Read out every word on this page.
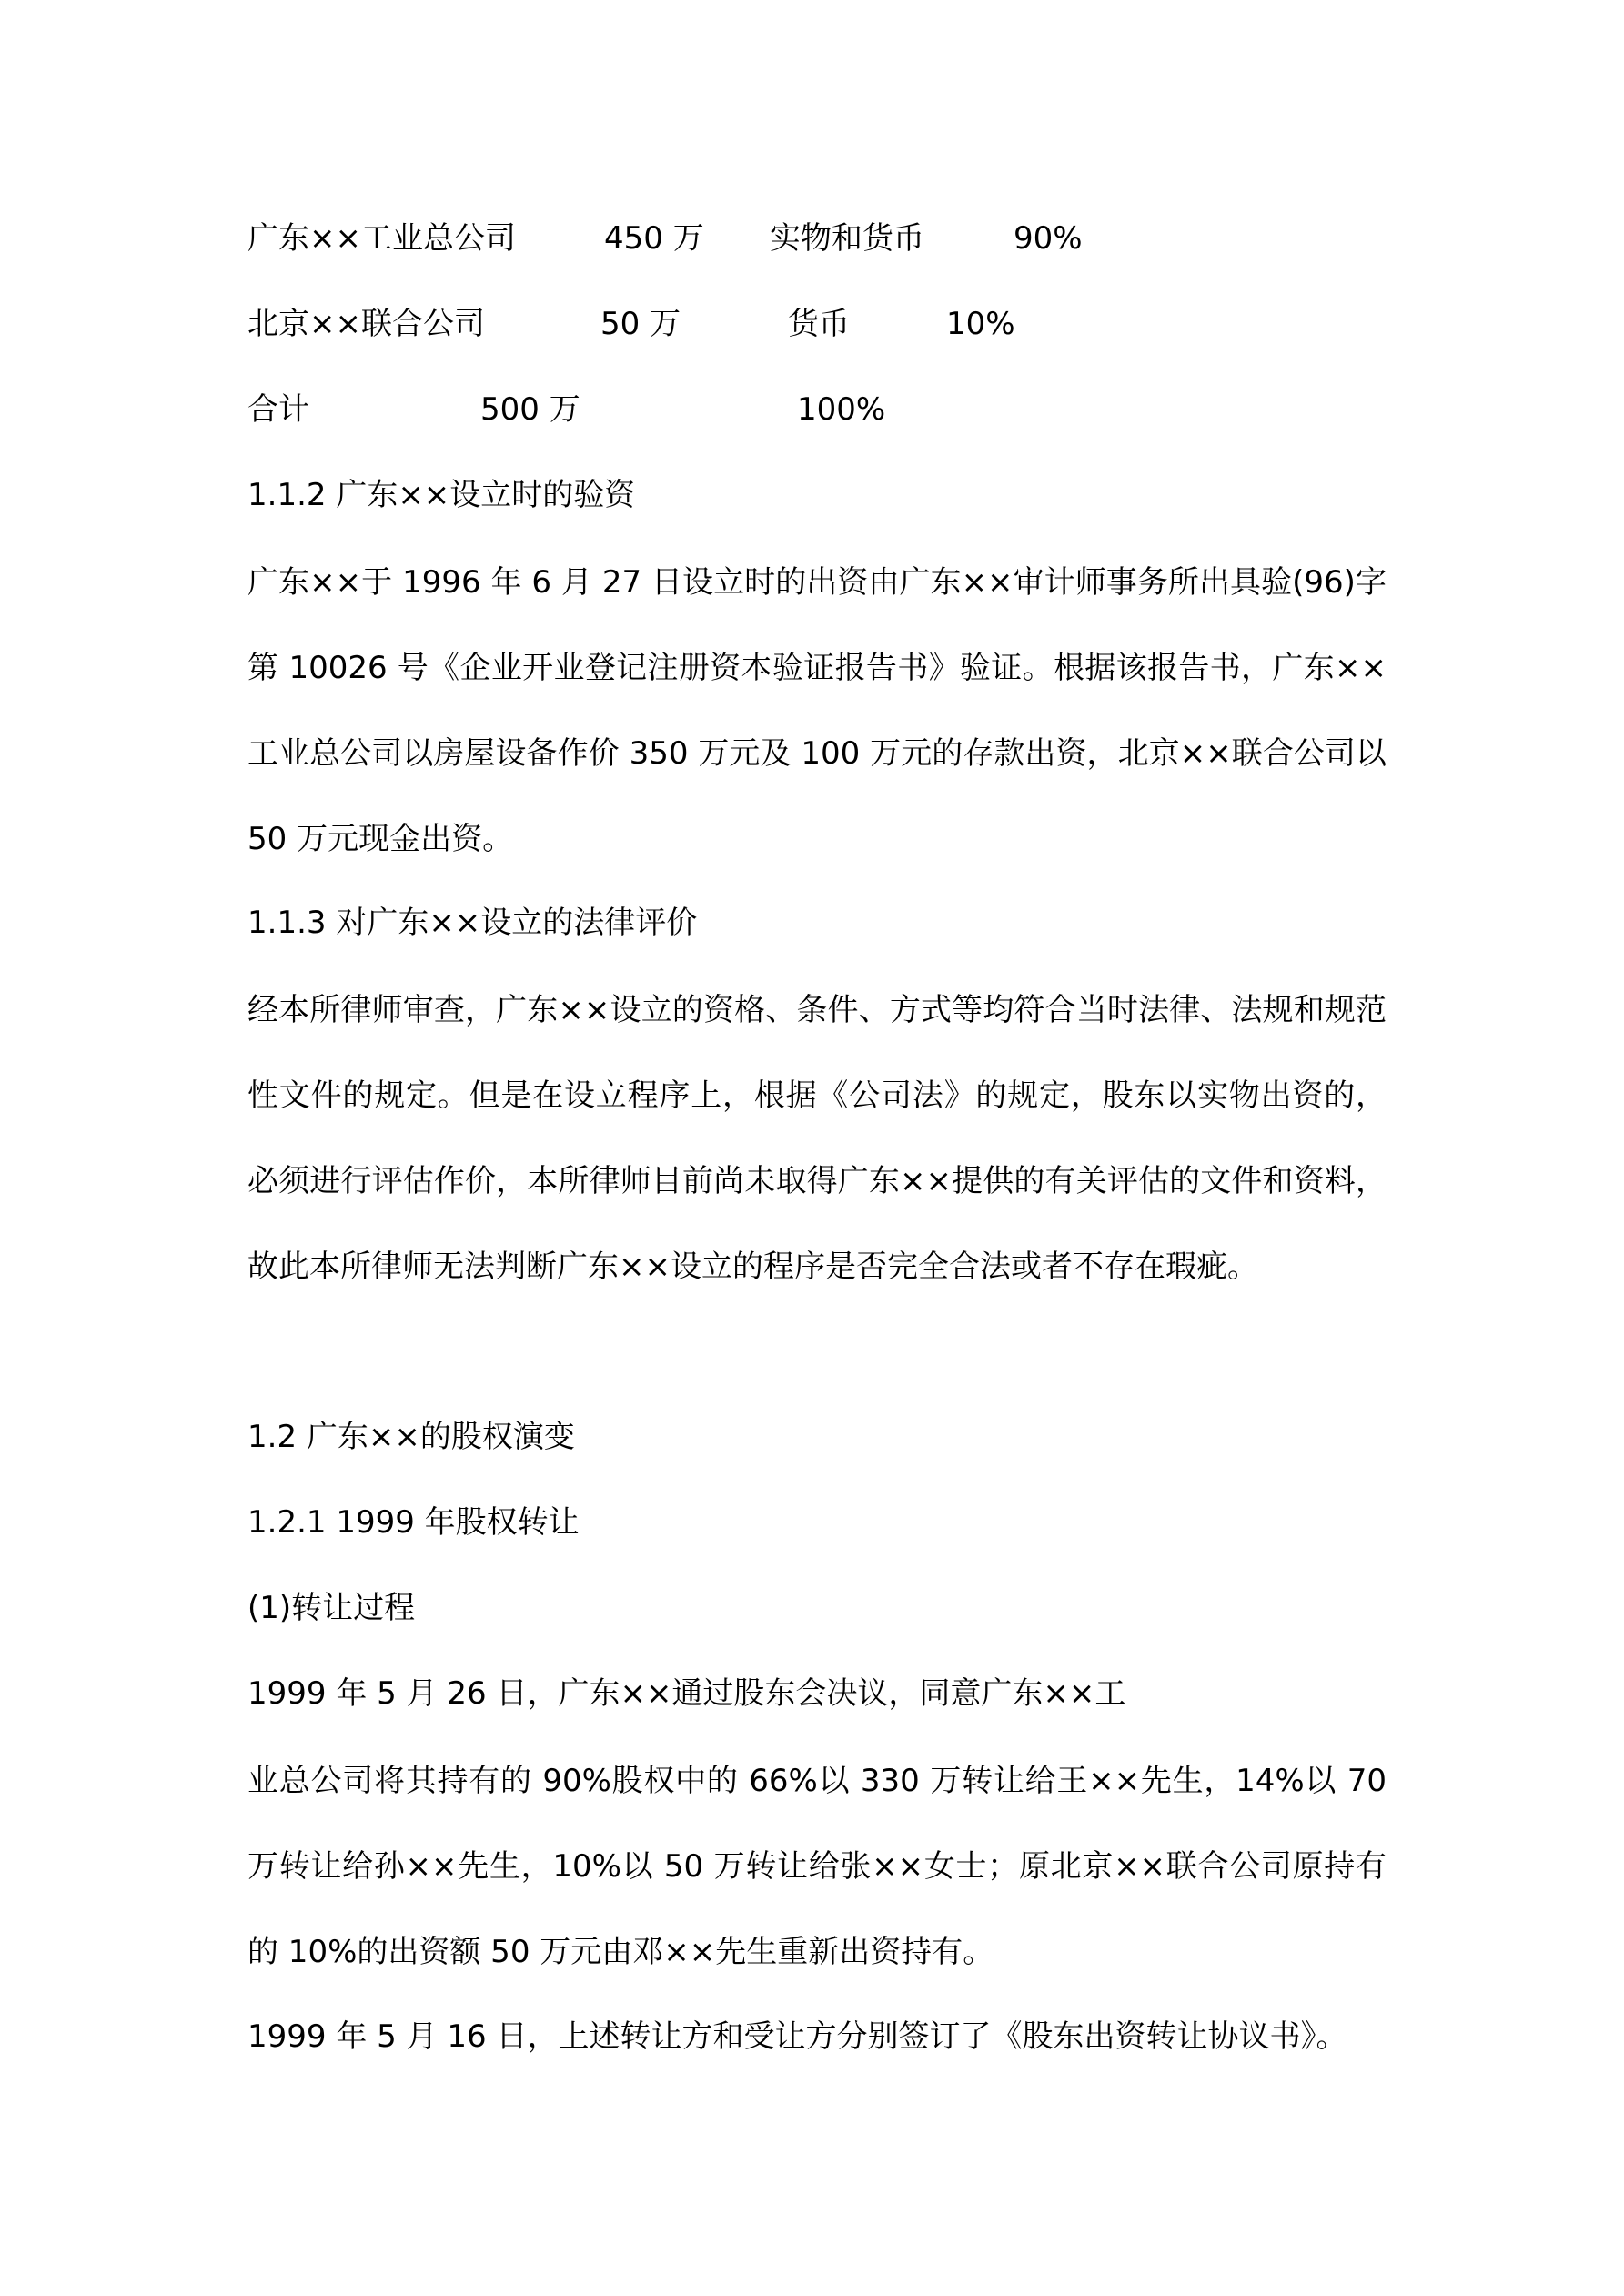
广东××工业总公司	450 万 实物和货币	90%
北京××联合公司	50 万	货币	10%
合计	500 万	100%
1.1.2 广东××设立时的验资

广东××于 1996 年 6 月 27 日设立时的出资由广东××审计师事务所出具验(96)字第 10026 号《企业开业登记注册资本验证报告书》验证。根据该报告书，广东××工业总公司以房屋设备作价 350 万元及 100 万元的存款出资，北京××联合公司以 50 万元现金出资。

1.1.3 对广东××设立的法律评价

经本所律师审查，广东××设立的资格、条件、方式等均符合当时法律、法规和规范性文件的规定。但是在设立程序上，根据《公司法》的规定，股东以实物出资的，必须进行评估作价，本所律师目前尚未取得广东××提供的有关评估的文件和资料，故此本所律师无法判断广东××设立的程序是否完全合法或者不存在瑕疵。

1.2 广东××的股权演变
1.2.1 1999 年股权转让
(1)转让过程
1999 年 5 月 26 日，广东××通过股东会决议，同意广东××工

业总公司将其持有的 90%股权中的 66%以 330 万转让给王××先生，14%以 70 万转让给孙××先生，10%以 50 万转让给张××女士；原北京××联合公司原持有的 10%的出资额 50 万元由邓××先生重新出资持有。

1999 年 5 月 16 日，上述转让方和受让方分别签订了《股东出资转让协议书》。
